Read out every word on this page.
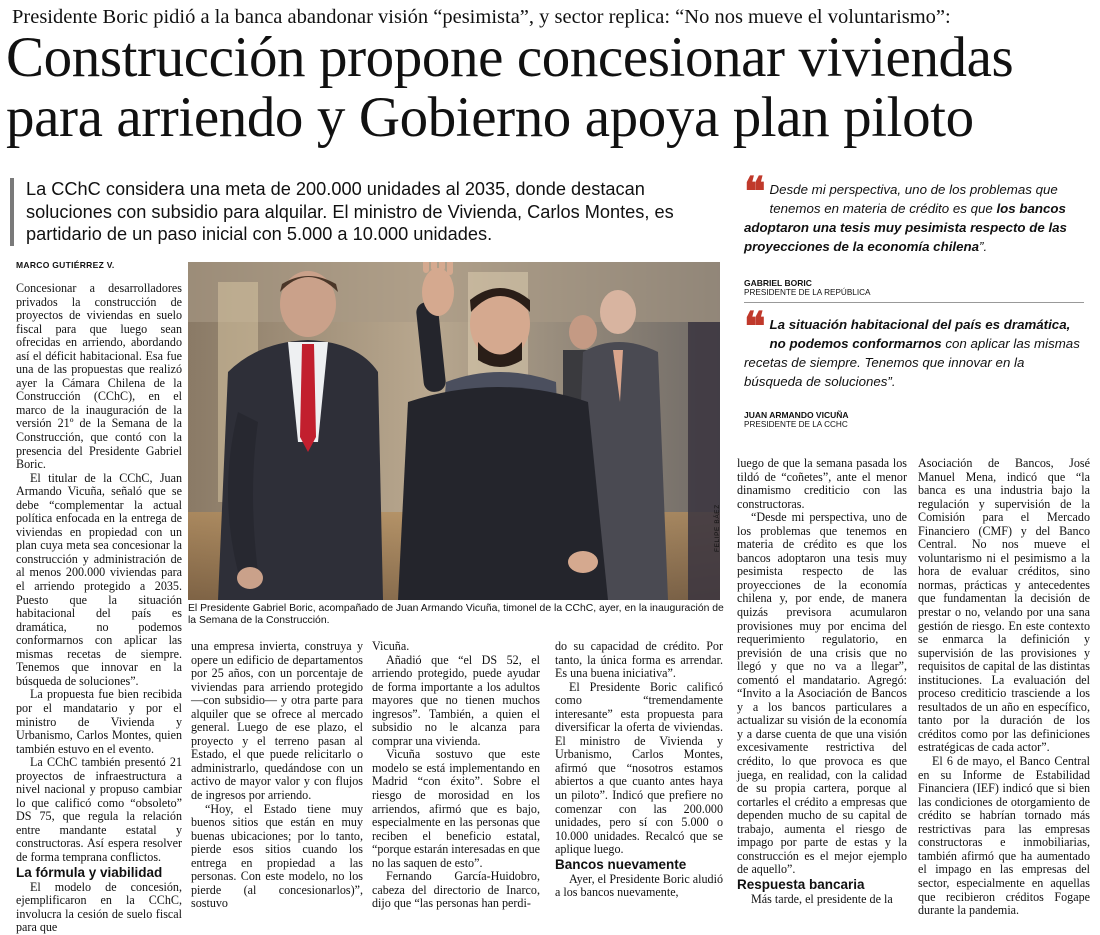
Presidente Boric pidió a la banca abandonar visión “pesimista”, y sector replica: “No nos mueve el voluntarismo”:
Construcción propone concesionar viviendas
para arriendo y Gobierno apoya plan piloto
La CChC considera una meta de 200.000 unidades al 2035, donde destacan soluciones con subsidio para alquilar. El ministro de Vivienda, Carlos Montes, es partidario de un paso inicial con 5.000 a 10.000 unidades.
MARCO GUTIÉRREZ V.

Concesionar a desarrolladores privados la construcción de proyectos de viviendas en suelo fiscal para que luego sean ofrecidas en arriendo, abordando así el déficit habitacional. Esa fue una de las propuestas que realizó ayer la Cámara Chilena de la Construcción (CChC), en el marco de la inauguración de la versión 21º de la Semana de la Construcción, que contó con la presencia del Presidente Gabriel Boric.

El titular de la CChC, Juan Armando Vicuña, señaló que se debe “complementar la actual política enfocada en la entrega de viviendas en propiedad con un plan cuya meta sea concesionar la construcción y administración de al menos 200.000 viviendas para el arriendo protegido a 2035. Puesto que la situación habitacional del país es dramática, no podemos conformarnos con aplicar las mismas recetas de siempre. Tenemos que innovar en la búsqueda de soluciones”.

La propuesta fue bien recibida por el mandatario y por el ministro de Vivienda y Urbanismo, Carlos Montes, quien también estuvo en el evento.

La CChC también presentó 21 proyectos de infraestructura a nivel nacional y propuso cambiar lo que calificó como “obsoleto” DS 75, que regula la relación entre mandante estatal y constructoras. Así espera resolver de forma temprana conflictos.

La fórmula y viabilidad

El modelo de concesión, ejemplificaron en la CChC, involucra la cesión de suelo fiscal para que

FELIPE BÁEZ
El Presidente Gabriel Boric, acompañado de Juan Armando Vicuña, timonel de la CChC, ayer, en la inauguración de la Semana de la Construcción.

una empresa invierta, construya y opere un edificio de departamentos por 25 años, con un porcentaje de viviendas para arriendo protegido —con subsidio— y otra parte para alquiler que se ofrece al mercado general. Luego de ese plazo, el proyecto y el terreno pasan al Estado, el que puede relicitarlo o administrarlo, quedándose con un activo de mayor valor y con flujos de ingresos por arriendo.

“Hoy, el Estado tiene muy buenos sitios que están en muy buenas ubicaciones; por lo tanto, pierde esos sitios cuando los entrega en propiedad a las personas. Con este modelo, no los pierde (al concesionarlos)”, sostuvo

Vicuña.

Añadió que “el DS 52, el arriendo protegido, puede ayudar de forma importante a los adultos mayores que no tienen muchos ingresos”. También, a quien el subsidio no le alcanza para comprar una vivienda.

Vicuña sostuvo que este modelo se está implementando en Madrid “con éxito”. Sobre el riesgo de morosidad en los arriendos, afirmó que es bajo, especialmente en las personas que reciben el beneficio estatal, “porque estarán interesadas en que no las saquen de esto”.

Fernando García-Huidobro, cabeza del directorio de Inarco, dijo que “las personas han perdi-

do su capacidad de crédito. Por tanto, la única forma es arrendar. Es una buena iniciativa”.

El Presidente Boric calificó como “tremendamente interesante” esta propuesta para diversificar la oferta de viviendas. El ministro de Vivienda y Urbanismo, Carlos Montes, afirmó que “nosotros estamos abiertos a que cuanto antes haya un piloto”. Indicó que prefiere no comenzar con las 200.000 unidades, pero sí con 5.000 o 10.000 unidades. Recalcó que se aplique luego.

Bancos nuevamente

Ayer, el Presidente Boric aludió a los bancos nuevamente,

❝ Desde mi perspectiva, uno de los problemas que tenemos en materia de crédito es que los bancos adoptaron una tesis muy pesimista respecto de las proyecciones de la economía chilena”.
GABRIEL BORIC
PRESIDENTE DE LA REPÚBLICA
❝ La situación habitacional del país es dramática, no podemos conformarnos con aplicar las mismas recetas de siempre. Tenemos que innovar en la búsqueda de soluciones”.
JUAN ARMANDO VICUÑA
PRESIDENTE DE LA CCHC

luego de que la semana pasada los tildó de “coñetes”, ante el menor dinamismo crediticio con las constructoras.

“Desde mi perspectiva, uno de los problemas que tenemos en materia de crédito es que los bancos adoptaron una tesis muy pesimista respecto de las proyecciones de la economía chilena y, por ende, de manera quizás previsora acumularon provisiones muy por encima del requerimiento regulatorio, en previsión de una crisis que no llegó y que no va a llegar”, comentó el mandatario. Agregó: “Invito a la Asociación de Bancos y a los bancos particulares a actualizar su visión de la economía y a darse cuenta de que una visión excesivamente restrictiva del crédito, lo que provoca es que juega, en realidad, con la calidad de su propia cartera, porque al cortarles el crédito a empresas que dependen mucho de su capital de trabajo, aumenta el riesgo de impago por parte de estas y la construcción es el mejor ejemplo de aquello”.

Respuesta bancaria

Más tarde, el presidente de la

Asociación de Bancos, José Manuel Mena, indicó que “la banca es una industria bajo la regulación y supervisión de la Comisión para el Mercado Financiero (CMF) y del Banco Central. No nos mueve el voluntarismo ni el pesimismo a la hora de evaluar créditos, sino normas, prácticas y antecedentes que fundamentan la decisión de prestar o no, velando por una sana gestión de riesgo. En este contexto se enmarca la definición y supervisión de las provisiones y requisitos de capital de las distintas instituciones. La evaluación del proceso crediticio trasciende a los resultados de un año en específico, tanto por la duración de los créditos como por las definiciones estratégicas de cada actor”.

El 6 de mayo, el Banco Central en su Informe de Estabilidad Financiera (IEF) indicó que si bien las condiciones de otorgamiento de crédito se habrían tornado más restrictivas para las empresas constructoras e inmobiliarias, también afirmó que ha aumentado el impago en las empresas del sector, especialmente en aquellas que recibieron créditos Fogape durante la pandemia.
